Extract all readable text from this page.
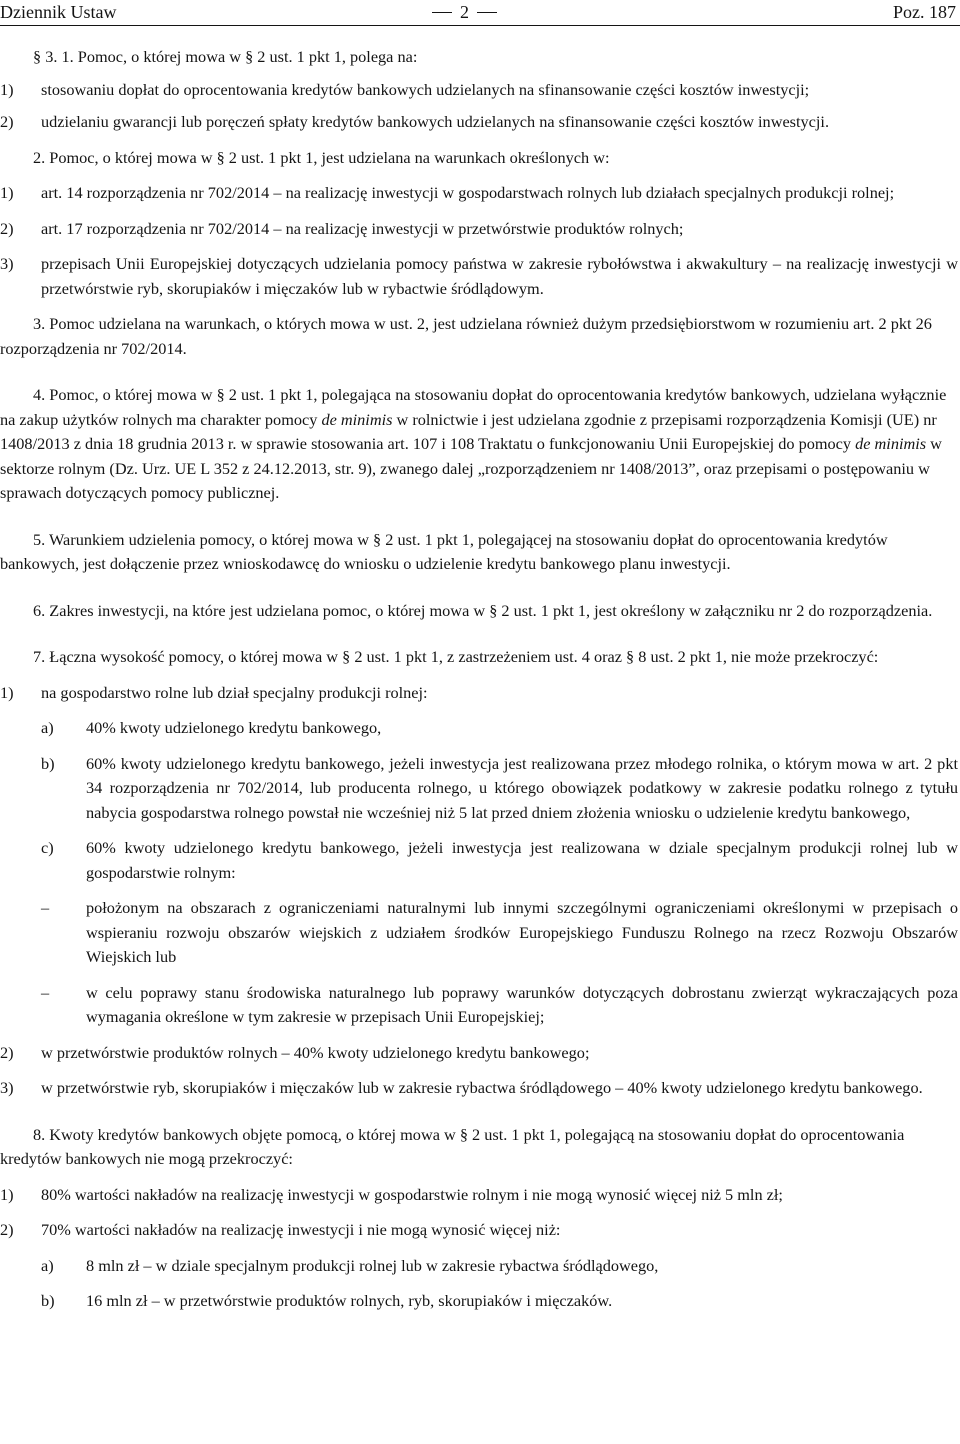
Dziennik Ustaw	2	Poz. 187
§ 3. 1. Pomoc, o której mowa w § 2 ust. 1 pkt 1, polega na:
1) stosowaniu dopłat do oprocentowania kredytów bankowych udzielanych na sfinansowanie części kosztów inwestycji;
2) udzielaniu gwarancji lub poręczeń spłaty kredytów bankowych udzielanych na sfinansowanie części kosztów inwestycji.
2. Pomoc, o której mowa w § 2 ust. 1 pkt 1, jest udzielana na warunkach określonych w:
1) art. 14 rozporządzenia nr 702/2014 – na realizację inwestycji w gospodarstwach rolnych lub działach specjalnych produkcji rolnej;
2) art. 17 rozporządzenia nr 702/2014 – na realizację inwestycji w przetwórstwie produktów rolnych;
3) przepisach Unii Europejskiej dotyczących udzielania pomocy państwa w zakresie rybołówstwa i akwakultury – na realizację inwestycji w przetwórstwie ryb, skorupiaków i mięczaków lub w rybactwie śródlądowym.
3. Pomoc udzielana na warunkach, o których mowa w ust. 2, jest udzielana również dużym przedsiębiorstwom w rozumieniu art. 2 pkt 26 rozporządzenia nr 702/2014.
4. Pomoc, o której mowa w § 2 ust. 1 pkt 1, polegająca na stosowaniu dopłat do oprocentowania kredytów bankowych, udzielana wyłącznie na zakup użytków rolnych ma charakter pomocy de minimis w rolnictwie i jest udzielana zgodnie z przepisami rozporządzenia Komisji (UE) nr 1408/2013 z dnia 18 grudnia 2013 r. w sprawie stosowania art. 107 i 108 Traktatu o funkcjonowaniu Unii Europejskiej do pomocy de minimis w sektorze rolnym (Dz. Urz. UE L 352 z 24.12.2013, str. 9), zwanego dalej „rozporządzeniem nr 1408/2013”, oraz przepisami o postępowaniu w sprawach dotyczących pomocy publicznej.
5. Warunkiem udzielenia pomocy, o której mowa w § 2 ust. 1 pkt 1, polegającej na stosowaniu dopłat do oprocentowania kredytów bankowych, jest dołączenie przez wnioskodawcę do wniosku o udzielenie kredytu bankowego planu inwestycji.
6. Zakres inwestycji, na które jest udzielana pomoc, o której mowa w § 2 ust. 1 pkt 1, jest określony w załączniku nr 2 do rozporządzenia.
7. Łączna wysokość pomocy, o której mowa w § 2 ust. 1 pkt 1, z zastrzeżeniem ust. 4 oraz § 8 ust. 2 pkt 1, nie może przekroczyć:
1) na gospodarstwo rolne lub dział specjalny produkcji rolnej:
a) 40% kwoty udzielonego kredytu bankowego,
b) 60% kwoty udzielonego kredytu bankowego, jeżeli inwestycja jest realizowana przez młodego rolnika, o którym mowa w art. 2 pkt 34 rozporządzenia nr 702/2014, lub producenta rolnego, u którego obowiązek podatkowy w zakresie podatku rolnego z tytułu nabycia gospodarstwa rolnego powstał nie wcześniej niż 5 lat przed dniem złożenia wniosku o udzielenie kredytu bankowego,
c) 60% kwoty udzielonego kredytu bankowego, jeżeli inwestycja jest realizowana w dziale specjalnym produkcji rolnej lub w gospodarstwie rolnym:
– położonym na obszarach z ograniczeniami naturalnymi lub innymi szczególnymi ograniczeniami określonymi w przepisach o wspieraniu rozwoju obszarów wiejskich z udziałem środków Europejskiego Funduszu Rolnego na rzecz Rozwoju Obszarów Wiejskich lub
– w celu poprawy stanu środowiska naturalnego lub poprawy warunków dotyczących dobrostanu zwierząt wykraczających poza wymagania określone w tym zakresie w przepisach Unii Europejskiej;
2) w przetwórstwie produktów rolnych – 40% kwoty udzielonego kredytu bankowego;
3) w przetwórstwie ryb, skorupiaków i mięczaków lub w zakresie rybactwa śródlądowego – 40% kwoty udzielonego kredytu bankowego.
8. Kwoty kredytów bankowych objęte pomocą, o której mowa w § 2 ust. 1 pkt 1, polegającą na stosowaniu dopłat do oprocentowania kredytów bankowych nie mogą przekroczyć:
1) 80% wartości nakładów na realizację inwestycji w gospodarstwie rolnym i nie mogą wynosić więcej niż 5 mln zł;
2) 70% wartości nakładów na realizację inwestycji i nie mogą wynosić więcej niż:
a) 8 mln zł – w dziale specjalnym produkcji rolnej lub w zakresie rybactwa śródlądowego,
b) 16 mln zł – w przetwórstwie produktów rolnych, ryb, skorupiaków i mięczaków.
